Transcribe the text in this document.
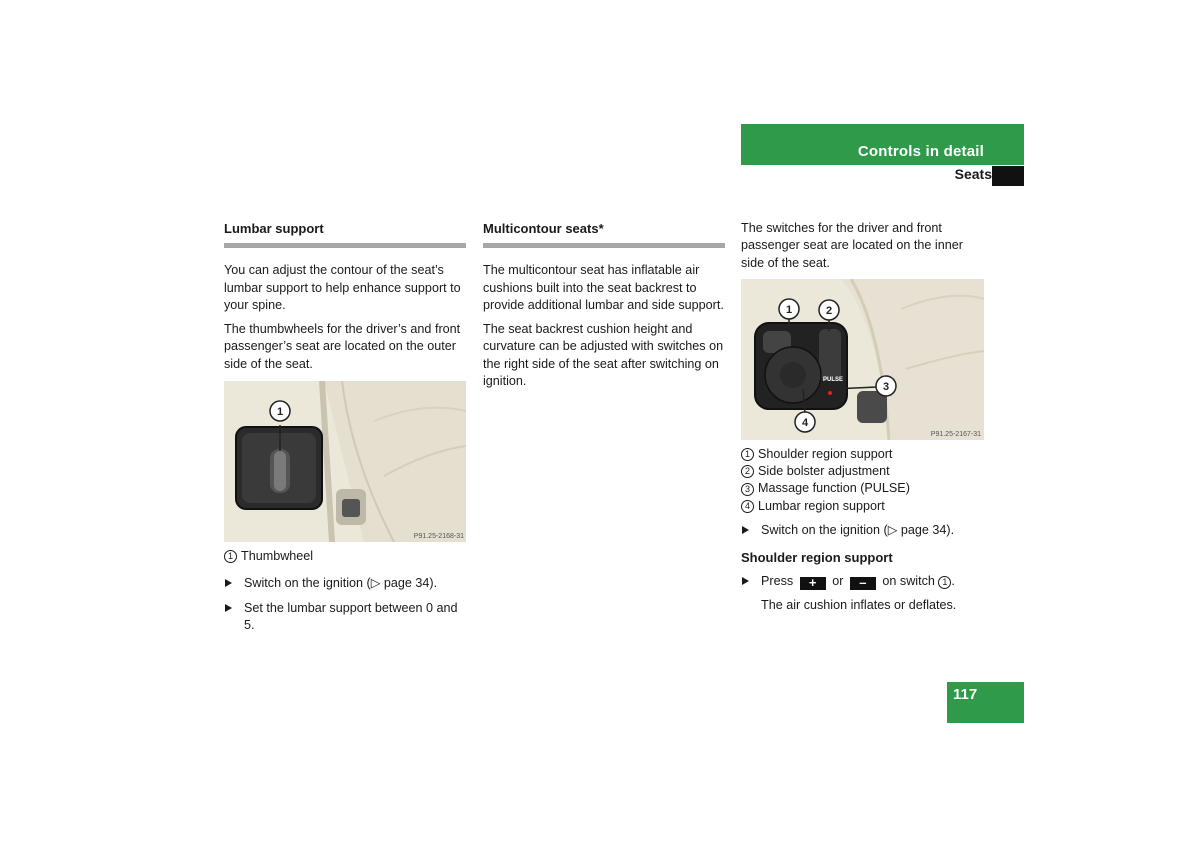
Controls in detail
Seats
Lumbar support

You can adjust the contour of the seat’s lumbar support to help enhance support to your spine.

The thumbwheels for the driver’s and front passenger’s seat are located on the outer side of the seat.

1
P91.25-2168-31
1 Thumbwheel
Switch on the ignition (▷ page 34).
Set the lumbar support between 0 and 5.
Multicontour seats*

The multicontour seat has inflatable air cushions built into the seat backrest to provide additional lumbar and side support.

The seat backrest cushion height and curvature can be adjusted with switches on the right side of the seat after switching on ignition.

The switches for the driver and front passenger seat are located on the inner side of the seat.

PULSE
1	2
3
4
P91.25-2167-31
1 Shoulder region support
2 Side bolster adjustment
3 Massage function (PULSE)
4 Lumbar region support
Switch on the ignition (▷ page 34).
Shoulder region support
Press + or – on switch 1 .
The air cushion inflates or deflates.
117
